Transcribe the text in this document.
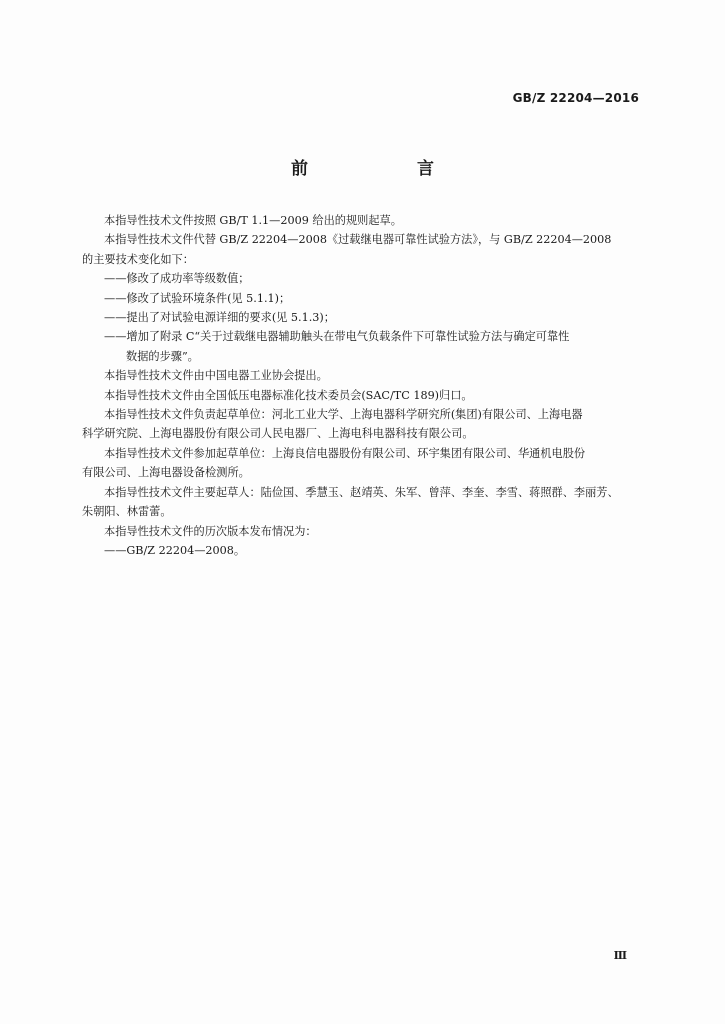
GB/Z 22204—2016
前　言

本指导性技术文件按照 GB/T 1.1—2009 给出的规则起草。

本指导性技术文件代替 GB/Z 22204—2008《过载继电器可靠性试验方法》，与 GB/Z 22204—2008

的主要技术变化如下：

——修改了成功率等级数值；

——修改了试验环境条件(见 5.1.1)；

——提出了对试验电源详细的要求(见 5.1.3)；

——增加了附录 C“关于过载继电器辅助触头在带电气负载条件下可靠性试验方法与确定可靠性

数据的步骤”。

本指导性技术文件由中国电器工业协会提出。

本指导性技术文件由全国低压电器标准化技术委员会(SAC/TC 189)归口。

本指导性技术文件负责起草单位：河北工业大学、上海电器科学研究所(集团)有限公司、上海电器

科学研究院、上海电器股份有限公司人民电器厂、上海电科电器科技有限公司。

本指导性技术文件参加起草单位：上海良信电器股份有限公司、环宇集团有限公司、华通机电股份

有限公司、上海电器设备检测所。

本指导性技术文件主要起草人：陆俭国、季慧玉、赵靖英、朱军、曾萍、李奎、李雪、蒋照群、李丽芳、

朱朝阳、林雷蕾。

本指导性技术文件的历次版本发布情况为：

——GB/Z 22204—2008。

Ⅲ
